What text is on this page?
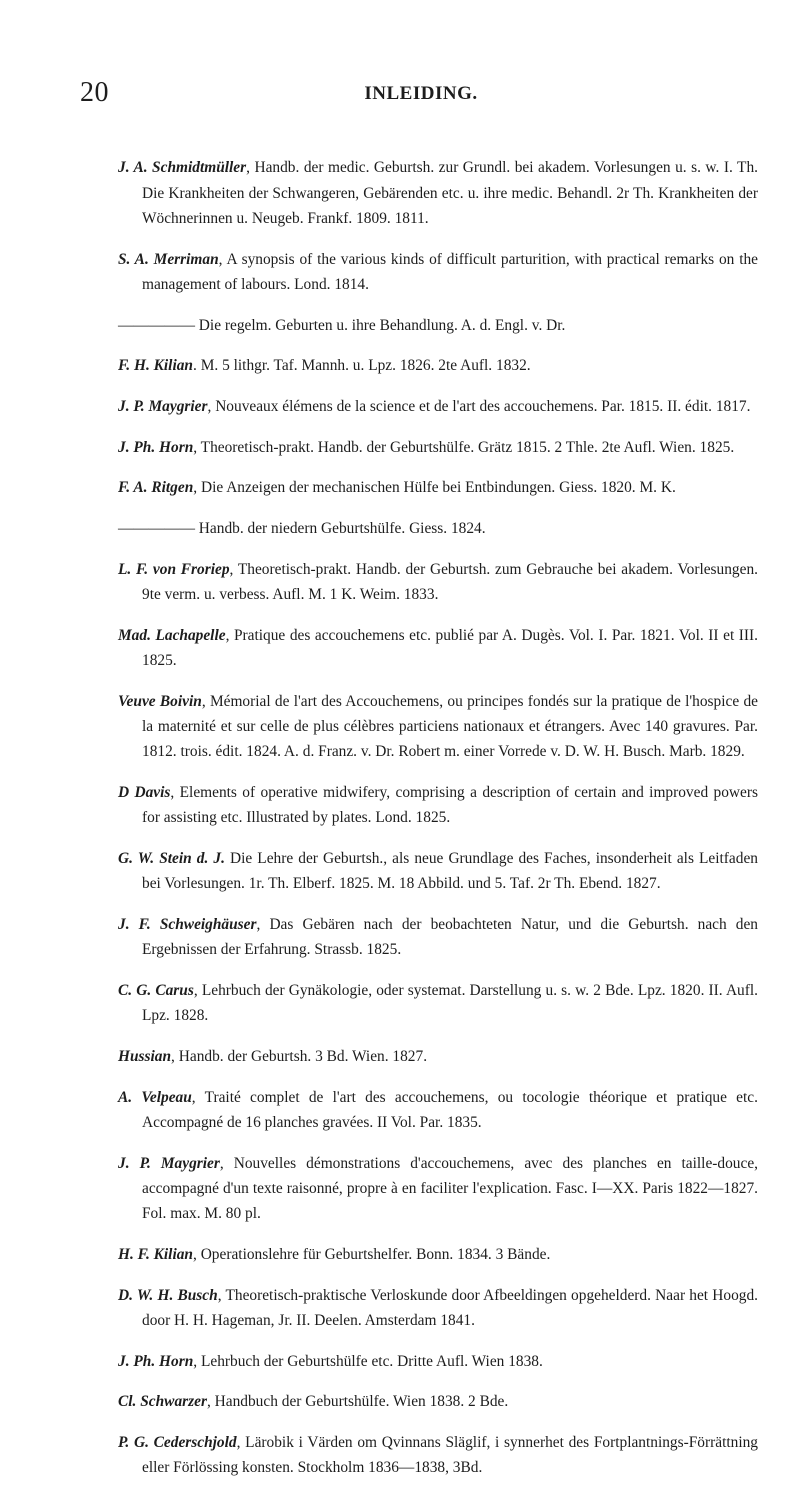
20	INLEIDING.

J. A. Schmidtmüller, Handb. der medic. Geburtsh. zur Grundl. bei akadem. Vorlesungen u. s. w. I. Th. Die Krankheiten der Schwangeren, Gebärenden etc. u. ihre medic. Behandl. 2r Th. Krankheiten der Wöchnerinnen u. Neugeb. Frankf. 1809. 1811.

S. A. Merriman, A synopsis of the various kinds of difficult parturition, with practical remarks on the management of labours. Lond. 1814.

————— Die regelm. Geburten u. ihre Behandlung. A. d. Engl. v. Dr.

F. H. Kilian. M. 5 lithgr. Taf. Mannh. u. Lpz. 1826. 2te Aufl. 1832.

J. P. Maygrier, Nouveaux élémens de la science et de l'art des accouchemens. Par. 1815. II. édit. 1817.

J. Ph. Horn, Theoretisch-prakt. Handb. der Geburtshülfe. Grätz 1815. 2 Thle. 2te Aufl. Wien. 1825.

F. A. Ritgen, Die Anzeigen der mechanischen Hülfe bei Entbindungen. Giess. 1820. M. K.

————— Handb. der niedern Geburtshülfe. Giess. 1824.

L. F. von Froriep, Theoretisch-prakt. Handb. der Geburtsh. zum Gebrauche bei akadem. Vorlesungen. 9te verm. u. verbess. Aufl. M. 1 K. Weim. 1833.

Mad. Lachapelle, Pratique des accouchemens etc. publié par A. Dugès. Vol. I. Par. 1821. Vol. II et III. 1825.

Veuve Boivin, Mémorial de l'art des Accouchemens, ou principes fondés sur la pratique de l'hospice de la maternité et sur celle de plus célèbres particiens nationaux et étrangers. Avec 140 gravures. Par. 1812. trois. édit. 1824. A. d. Franz. v. Dr. Robert m. einer Vorrede v. D. W. H. Busch. Marb. 1829.

D Davis, Elements of operative midwifery, comprising a description of certain and improved powers for assisting etc. Illustrated by plates. Lond. 1825.

G. W. Stein d. J. Die Lehre der Geburtsh., als neue Grundlage des Faches, insonderheit als Leitfaden bei Vorlesungen. 1r. Th. Elberf. 1825. M. 18 Abbild. und 5. Taf. 2r Th. Ebend. 1827.

J. F. Schweighäuser, Das Gebären nach der beobachteten Natur, und die Geburtsh. nach den Ergebnissen der Erfahrung. Strassb. 1825.

C. G. Carus, Lehrbuch der Gynäkologie, oder systemat. Darstellung u. s. w. 2 Bde. Lpz. 1820. II. Aufl. Lpz. 1828.

Hussian, Handb. der Geburtsh. 3 Bd. Wien. 1827.

A. Velpeau, Traité complet de l'art des accouchemens, ou tocologie théorique et pratique etc. Accompagné de 16 planches gravées. II Vol. Par. 1835.

J. P. Maygrier, Nouvelles démonstrations d'accouchemens, avec des planches en taille-douce, accompagné d'un texte raisonné, propre à en faciliter l'explication. Fasc. I—XX. Paris 1822—1827. Fol. max. M. 80 pl.

H. F. Kilian, Operationslehre für Geburtshelfer. Bonn. 1834. 3 Bände.

D. W. H. Busch, Theoretisch-praktische Verloskunde door Afbeeldingen opgehelderd. Naar het Hoogd. door H. H. Hageman, Jr. II. Deelen. Amsterdam 1841.

J. Ph. Horn, Lehrbuch der Geburtshülfe etc. Dritte Aufl. Wien 1838.

Cl. Schwarzer, Handbuch der Geburtshülfe. Wien 1838. 2 Bde.

P. G. Cederschjold, Lärobik i Värden om Qvinnans Släglif, i synnerhet des Fortplantnings-Förrättning eller Förlössing konsten. Stockholm 1836—1838, 3Bd.
